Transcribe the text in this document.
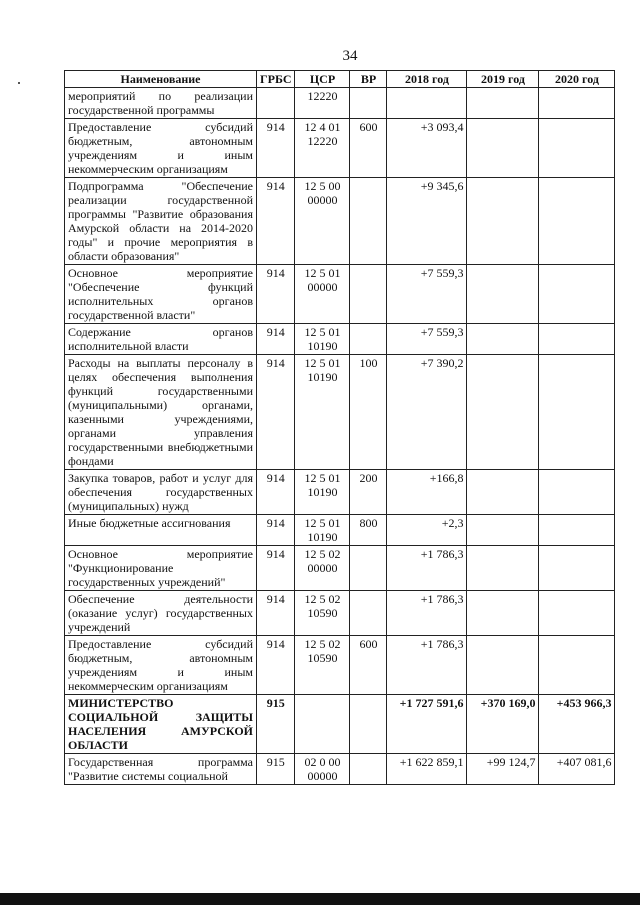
34
Наименование	ГРБС	ЦСР	ВР	2018 год	2019 год	2020 год
мероприятий по реализации государственной программы		12220				
Предоставление субсидий бюджетным, автономным учреждениям и иным некоммерческим организациям	914	12 4 01 12220	600	+3 093,4		
Подпрограмма "Обеспечение реализации государственной программы "Развитие образования Амурской области на 2014-2020 годы" и прочие мероприятия в области образования"	914	12 5 00 00000		+9 345,6		
Основное мероприятие "Обеспечение функций исполнительных органов государственной власти"	914	12 5 01 00000		+7 559,3		
Содержание органов исполнительной власти	914	12 5 01 10190		+7 559,3		
Расходы на выплаты персоналу в целях обеспечения выполнения функций государственными (муниципальными) органами, казенными учреждениями, органами управления государственными внебюджетными фондами	914	12 5 01 10190	100	+7 390,2		
Закупка товаров, работ и услуг для обеспечения государственных (муниципальных) нужд	914	12 5 01 10190	200	+166,8		
Иные бюджетные ассигнования	914	12 5 01 10190	800	+2,3		
Основное мероприятие "Функционирование государственных учреждений"	914	12 5 02 00000		+1 786,3		
Обеспечение деятельности (оказание услуг) государственных учреждений	914	12 5 02 10590		+1 786,3		
Предоставление субсидий бюджетным, автономным учреждениям и иным некоммерческим организациям	914	12 5 02 10590	600	+1 786,3		
МИНИСТЕРСТВО СОЦИАЛЬНОЙ ЗАЩИТЫ НАСЕЛЕНИЯ АМУРСКОЙ ОБЛАСТИ	915			+1 727 591,6	+370 169,0	+453 966,3
Государственная программа "Развитие системы социальной	915	02 0 00 00000		+1 622 859,1	+99 124,7	+407 081,6
